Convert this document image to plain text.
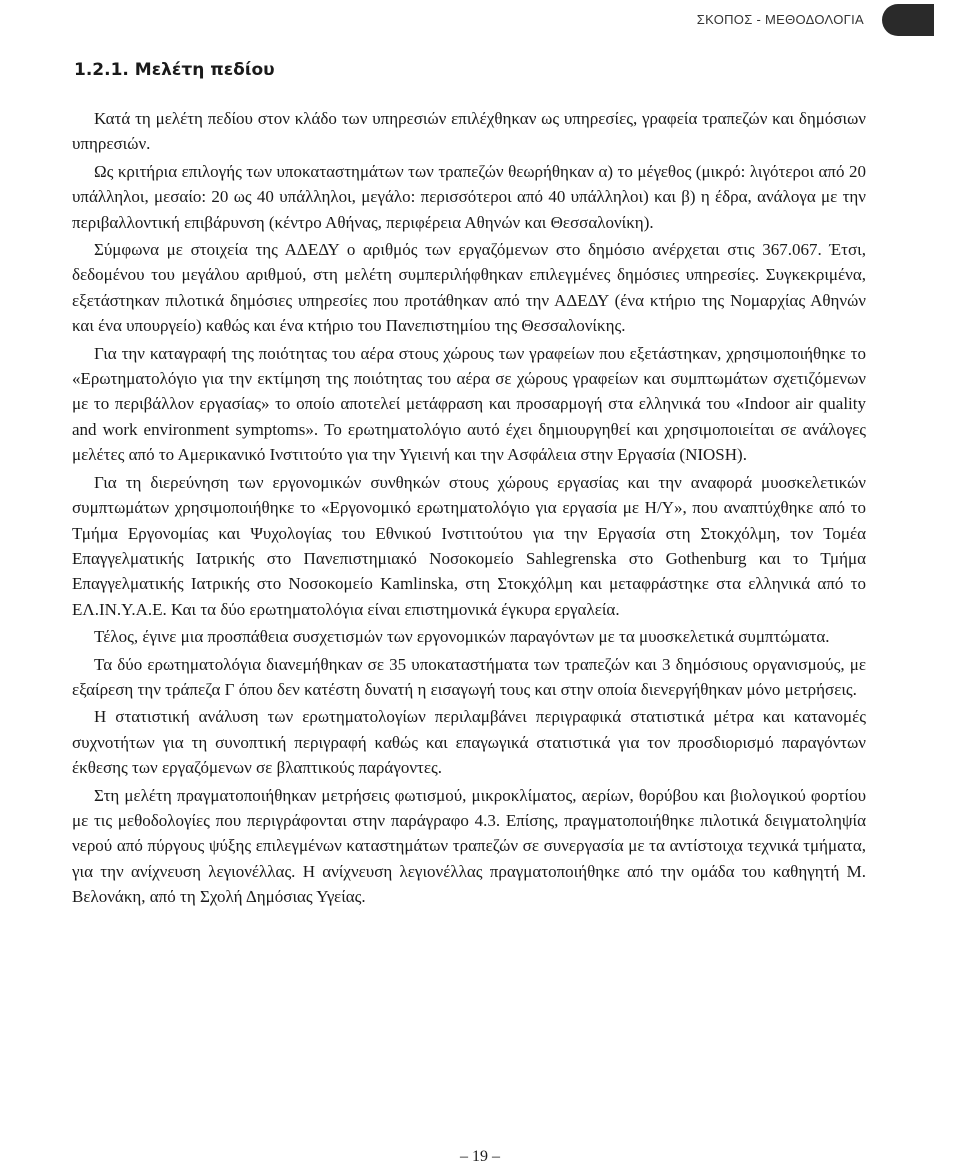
ΣΚΟΠΟΣ - ΜΕΘΟΔΟΛΟΓΙΑ
1.2.1. Μελέτη πεδίου

Κατά τη μελέτη πεδίου στον κλάδο των υπηρεσιών επιλέχθηκαν ως υπηρεσίες, γραφεία τραπεζών και δημόσιων υπηρεσιών.

Ως κριτήρια επιλογής των υποκαταστημάτων των τραπεζών θεωρήθηκαν α) το μέγεθος (μικρό: λιγότεροι από 20 υπάλληλοι, μεσαίο: 20 ως 40 υπάλληλοι, μεγάλο: περισσότεροι από 40 υπάλληλοι) και β) η έδρα, ανάλογα με την περιβαλλοντική επιβάρυνση (κέντρο Αθήνας, περιφέρεια Αθηνών και Θεσσαλονίκη).

Σύμφωνα με στοιχεία της ΑΔΕΔΥ ο αριθμός των εργαζόμενων στο δημόσιο ανέρχεται στις 367.067. Έτσι, δεδομένου του μεγάλου αριθμού, στη μελέτη συμπεριλήφθηκαν επιλεγμένες δημόσιες υπηρεσίες. Συγκεκριμένα, εξετάστηκαν πιλοτικά δημόσιες υπηρεσίες που προτάθηκαν από την ΑΔΕΔΥ (ένα κτήριο της Νομαρχίας Αθηνών και ένα υπουργείο) καθώς και ένα κτήριο του Πανεπιστημίου της Θεσσαλονίκης.

Για την καταγραφή της ποιότητας του αέρα στους χώρους των γραφείων που εξετάστηκαν, χρησιμοποιήθηκε το «Ερωτηματολόγιο για την εκτίμηση της ποιότητας του αέρα σε χώρους γραφείων και συμπτωμάτων σχετιζόμενων με το περιβάλλον εργασίας» το οποίο αποτελεί μετάφραση και προσαρμογή στα ελληνικά του «Indoor air quality and work environment symptoms». Το ερωτηματολόγιο αυτό έχει δημιουργηθεί και χρησιμοποιείται σε ανάλογες μελέτες από το Αμερικανικό Ινστιτούτο για την Υγιεινή και την Ασφάλεια στην Εργασία (NIOSH).

Για τη διερεύνηση των εργονομικών συνθηκών στους χώρους εργασίας και την αναφορά μυοσκελετικών συμπτωμάτων χρησιμοποιήθηκε το «Εργονομικό ερωτηματολόγιο για εργασία με Η/Υ», που αναπτύχθηκε από το Τμήμα Εργονομίας και Ψυχολογίας του Εθνικού Ινστιτούτου για την Εργασία στη Στοκχόλμη, τον Τομέα Επαγγελματικής Ιατρικής στο Πανεπιστημιακό Νοσοκομείο Sahlegrenska στο Gothenburg και το Τμήμα Επαγγελματικής Ιατρικής στο Νοσοκομείο Kamlinska, στη Στοκχόλμη και μεταφράστηκε στα ελληνικά από το ΕΛ.ΙΝ.Υ.Α.Ε. Και τα δύο ερωτηματολόγια είναι επιστημονικά έγκυρα εργαλεία.

Τέλος, έγινε μια προσπάθεια συσχετισμών των εργονομικών παραγόντων με τα μυοσκελετικά συμπτώματα.

Τα δύο ερωτηματολόγια διανεμήθηκαν σε 35 υποκαταστήματα των τραπεζών και 3 δημόσιους οργανισμούς, με εξαίρεση την τράπεζα Γ όπου δεν κατέστη δυνατή η εισαγωγή τους και στην οποία διενεργήθηκαν μόνο μετρήσεις.

Η στατιστική ανάλυση των ερωτηματολογίων περιλαμβάνει περιγραφικά στατιστικά μέτρα και κατανομές συχνοτήτων για τη συνοπτική περιγραφή καθώς και επαγωγικά στατιστικά για τον προσδιορισμό παραγόντων έκθεσης των εργαζόμενων σε βλαπτικούς παράγοντες.

Στη μελέτη πραγματοποιήθηκαν μετρήσεις φωτισμού, μικροκλίματος, αερίων, θορύβου και βιολογικού φορτίου με τις μεθοδολογίες που περιγράφονται στην παράγραφο 4.3. Επίσης, πραγματοποιήθηκε πιλοτικά δειγματοληψία νερού από πύργους ψύξης επιλεγμένων καταστημάτων τραπεζών σε συνεργασία με τα αντίστοιχα τεχνικά τμήματα, για την ανίχνευση λεγιονέλλας. Η ανίχνευση λεγιονέλλας πραγματοποιήθηκε από την ομάδα του καθηγητή Μ. Βελονάκη, από τη Σχολή Δημόσιας Υγείας.

– 19 –
